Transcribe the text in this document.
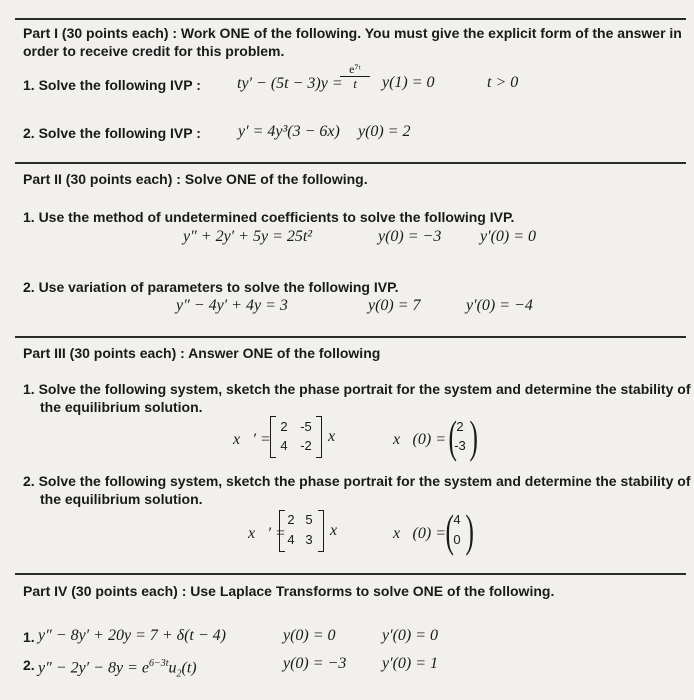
Part I (30 points each) : Work ONE of the following. You must give the explicit form of the answer in
order to receive credit for this problem.
1. Solve the following IVP : ty′ − (5t − 3)y =
$\frac{\text{e⁷ᵗ}}{t} y(1) = 0$	t > 0
2. Solve the following IVP : y′ = 4y³(3 − 6x) y(0) = 2
Part II (30 points each) : Solve ONE of the following.
1. Use the method of undetermined coefficients to solve the following IVP.
y″ + 2y′ + 5y = 25t²	y(0) = −3 y′(0) = 0
2. Use variation of parameters to solve the following IVP.
y″ − 4y′ + 4y = 3	y(0) = 7	y′(0) = −4
Part III (30 points each) : Answer ONE of the following
1. Solve the following system, sketch the phase portrait for the system and determine the stability of
the equilibrium solution.
x⃗′ =
2 -5
4 -2
x⃗	x⃗(0) = ( 2
-3 )
2. Solve the following system, sketch the phase portrait for the system and determine the stability of
the equilibrium solution.
x⃗′ =
2 5
4 3
x⃗	x⃗(0) = ( 4
0 )
Part IV (30 points each) : Use Laplace Transforms to solve ONE of the following.
1. y″ − 8y′ + 20y = 7 + δ(t − 4)	y(0) = 0	y′(0) = 0
2. $y'' - 2y' - 8y = e^{6-3t}u_2(t)$	y(0) = −3 y′(0) = 1
